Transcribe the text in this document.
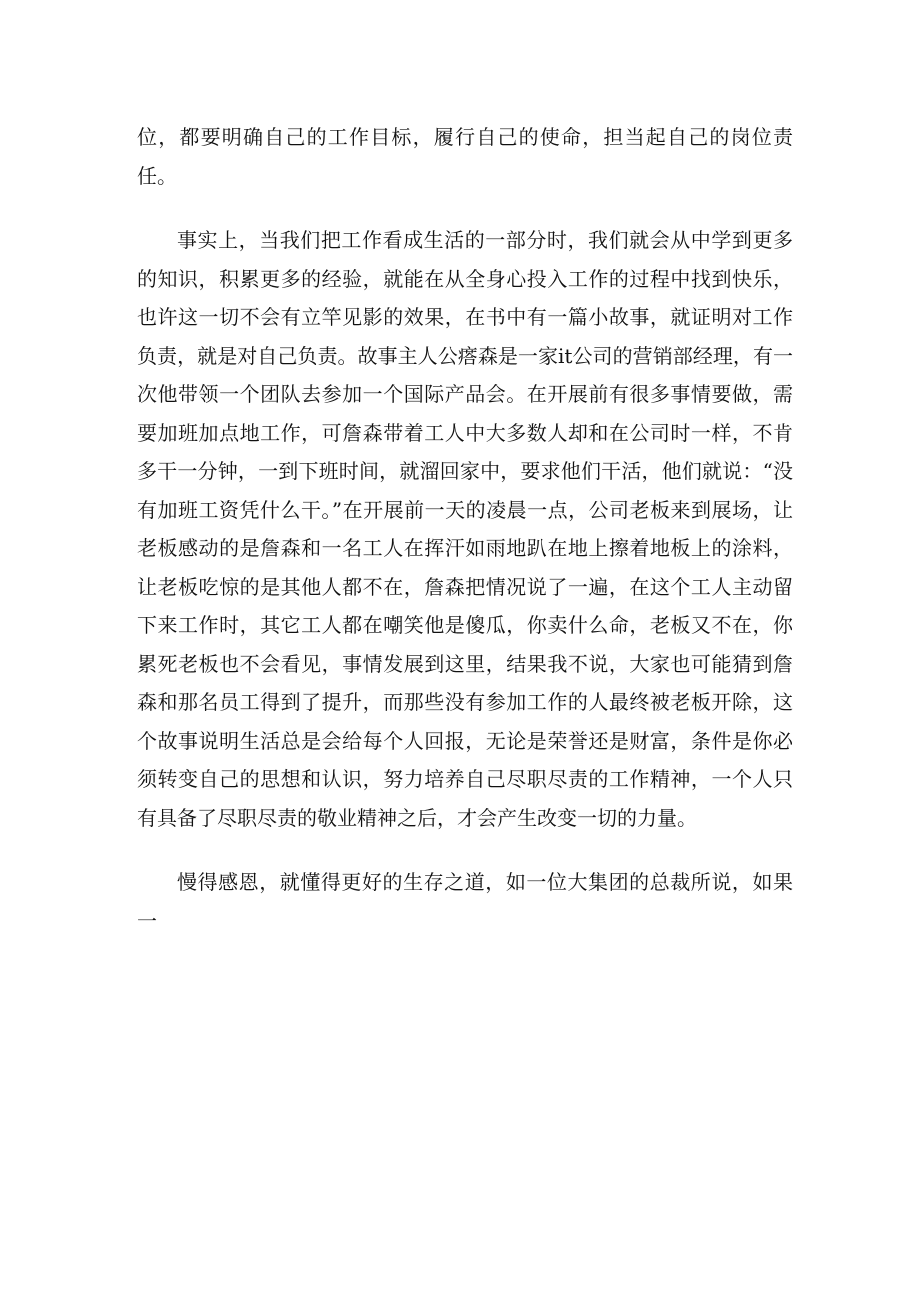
位，都要明确自己的工作目标，履行自己的使命，担当起自己的岗位责任。

事实上，当我们把工作看成生活的一部分时，我们就会从中学到更多的知识，积累更多的经验，就能在从全身心投入工作的过程中找到快乐，也许这一切不会有立竿见影的效果，在书中有一篇小故事，就证明对工作负责，就是对自己负责。故事主人公瘩森是一家it公司的营销部经理，有一次他带领一个团队去参加一个国际产品会。在开展前有很多事情要做，需要加班加点地工作，可詹森带着工人中大多数人却和在公司时一样，不肯多干一分钟，一到下班时间，就溜回家中，要求他们干活，他们就说：“没有加班工资凭什么干。”在开展前一天的凌晨一点，公司老板来到展场，让老板感动的是詹森和一名工人在挥汗如雨地趴在地上擦着地板上的涂料，让老板吃惊的是其他人都不在，詹森把情况说了一遍，在这个工人主动留下来工作时，其它工人都在嘲笑他是傻瓜，你卖什么命，老板又不在，你累死老板也不会看见，事情发展到这里，结果我不说，大家也可能猜到詹森和那名员工得到了提升，而那些没有参加工作的人最终被老板开除，这个故事说明生活总是会给每个人回报，无论是荣誉还是财富，条件是你必须转变自己的思想和认识，努力培养自己尽职尽责的工作精神，一个人只有具备了尽职尽责的敬业精神之后，才会产生改变一切的力量。

慢得感恩，就懂得更好的生存之道，如一位大集团的总裁所说，如果一
